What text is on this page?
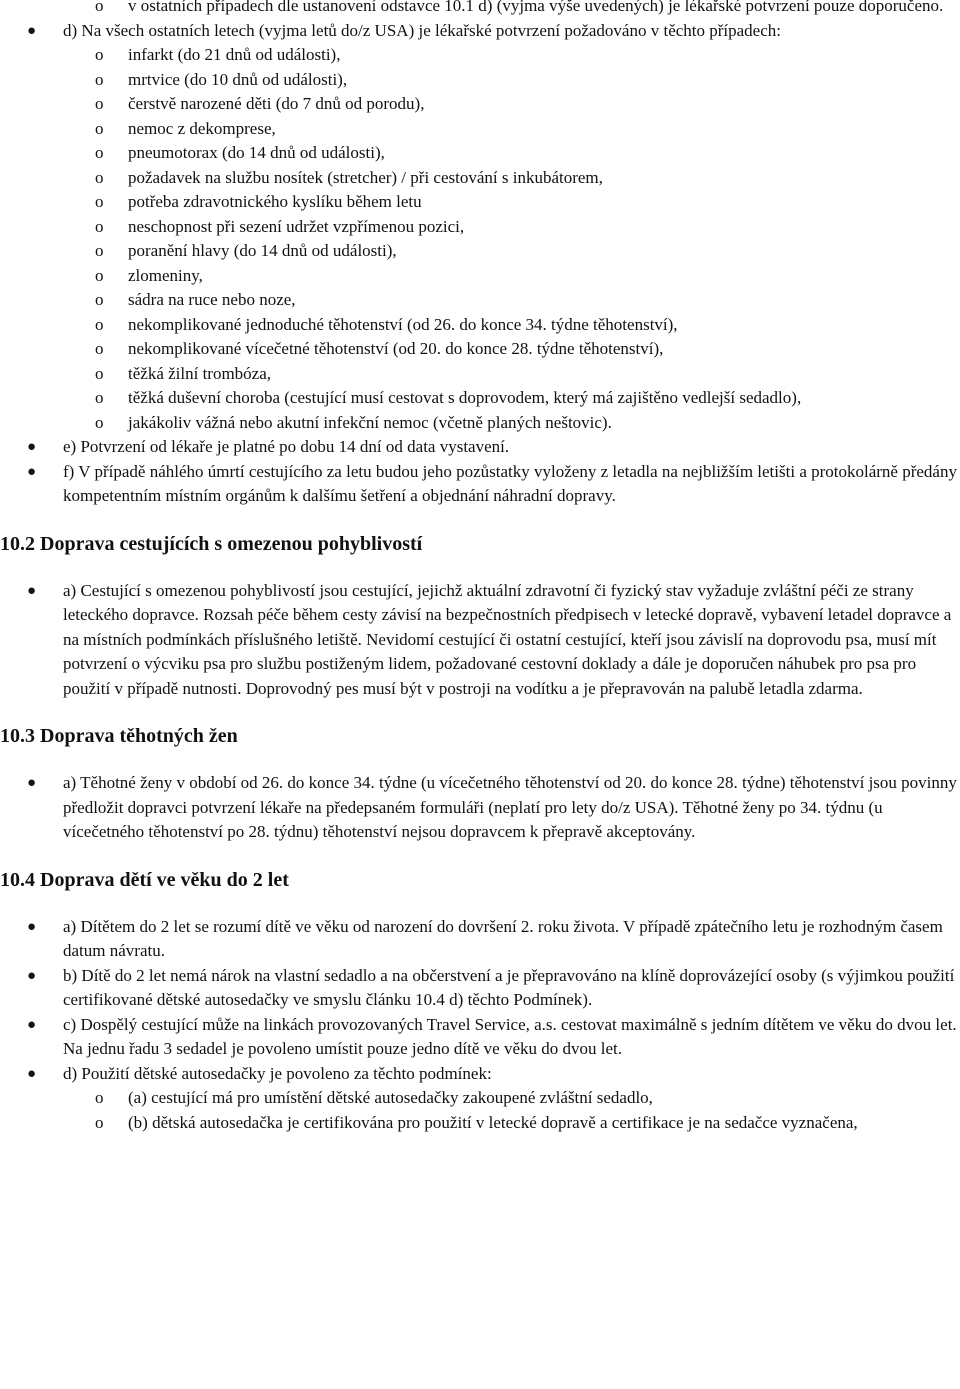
o v ostatních případech dle ustanovení odstavce 10.1 d) (vyjma výše uvedených) je lékařské potvrzení pouze doporučeno.
● d) Na všech ostatních letech (vyjma letů do/z USA) je lékařské potvrzení požadováno v těchto případech:
o infarkt (do 21 dnů od události),
o mrtvice (do 10 dnů od události),
o čerstvě narozené děti (do 7 dnů od porodu),
o nemoc z dekomprese,
o pneumotorax (do 14 dnů od události),
o požadavek na službu nosítek (stretcher) / při cestování s inkubátorem,
o potřeba zdravotnického kyslíku během letu
o neschopnost při sezení udržet vzpřímenou pozici,
o poranění hlavy (do 14 dnů od události),
o zlomeniny,
o sádra na ruce nebo noze,
o nekomplikované jednoduché těhotenství (od 26. do konce 34. týdne těhotenství),
o nekomplikované vícečetné těhotenství (od 20. do konce 28. týdne těhotenství),
o těžká žilní trombóza,
o těžká duševní choroba (cestující musí cestovat s doprovodem, který má zajištěno vedlejší sedadlo),
o jakákoliv vážná nebo akutní infekční nemoc (včetně planých neštovic).
● e) Potvrzení od lékaře je platné po dobu 14 dní od data vystavení.
● f) V případě náhlého úmrtí cestujícího za letu budou jeho pozůstatky vyloženy z letadla na nejbližším letišti a protokolárně předány kompetentním místním orgánům k dalšímu šetření a objednání náhradní dopravy.
10.2 Doprava cestujících s omezenou pohyblivostí
● a) Cestující s omezenou pohyblivostí jsou cestující, jejichž aktuální zdravotní či fyzický stav vyžaduje zvláštní péči ze strany leteckého dopravce. Rozsah péče během cesty závisí na bezpečnostních předpisech v letecké dopravě, vybavení letadel dopravce a na místních podmínkách příslušného letiště. Nevidomí cestující či ostatní cestující, kteří jsou závislí na doprovodu psa, musí mít potvrzení o výcviku psa pro službu postiženým lidem, požadované cestovní doklady a dále je doporučen náhubek pro psa pro použití v případě nutnosti. Doprovodný pes musí být v postroji na vodítku a je přepravován na palubě letadla zdarma.
10.3 Doprava těhotných žen
● a) Těhotné ženy v období od 26. do konce 34. týdne (u vícečetného těhotenství od 20. do konce 28. týdne) těhotenství jsou povinny předložit dopravci potvrzení lékaře na předepsaném formuláři (neplatí pro lety do/z USA). Těhotné ženy po 34. týdnu (u vícečetného těhotenství po 28. týdnu) těhotenství nejsou dopravcem k přepravě akceptovány.
10.4 Doprava dětí ve věku do 2 let
● a) Dítětem do 2 let se rozumí dítě ve věku od narození do dovršení 2. roku života. V případě zpátečního letu je rozhodným časem datum návratu.
● b) Dítě do 2 let nemá nárok na vlastní sedadlo a na občerstvení a je přepravováno na klíně doprovázející osoby (s výjimkou použití certifikované dětské autosedačky ve smyslu článku 10.4 d) těchto Podmínek).
● c) Dospělý cestující může na linkách provozovaných Travel Service, a.s. cestovat maximálně s jedním dítětem ve věku do dvou let. Na jednu řadu 3 sedadel je povoleno umístit pouze jedno dítě ve věku do dvou let.
● d) Použití dětské autosedačky je povoleno za těchto podmínek:
o (a) cestující má pro umístění dětské autosedačky zakoupené zvláštní sedadlo,
o (b) dětská autosedačka je certifikována pro použití v letecké dopravě a certifikace je na sedačce vyznačena,
